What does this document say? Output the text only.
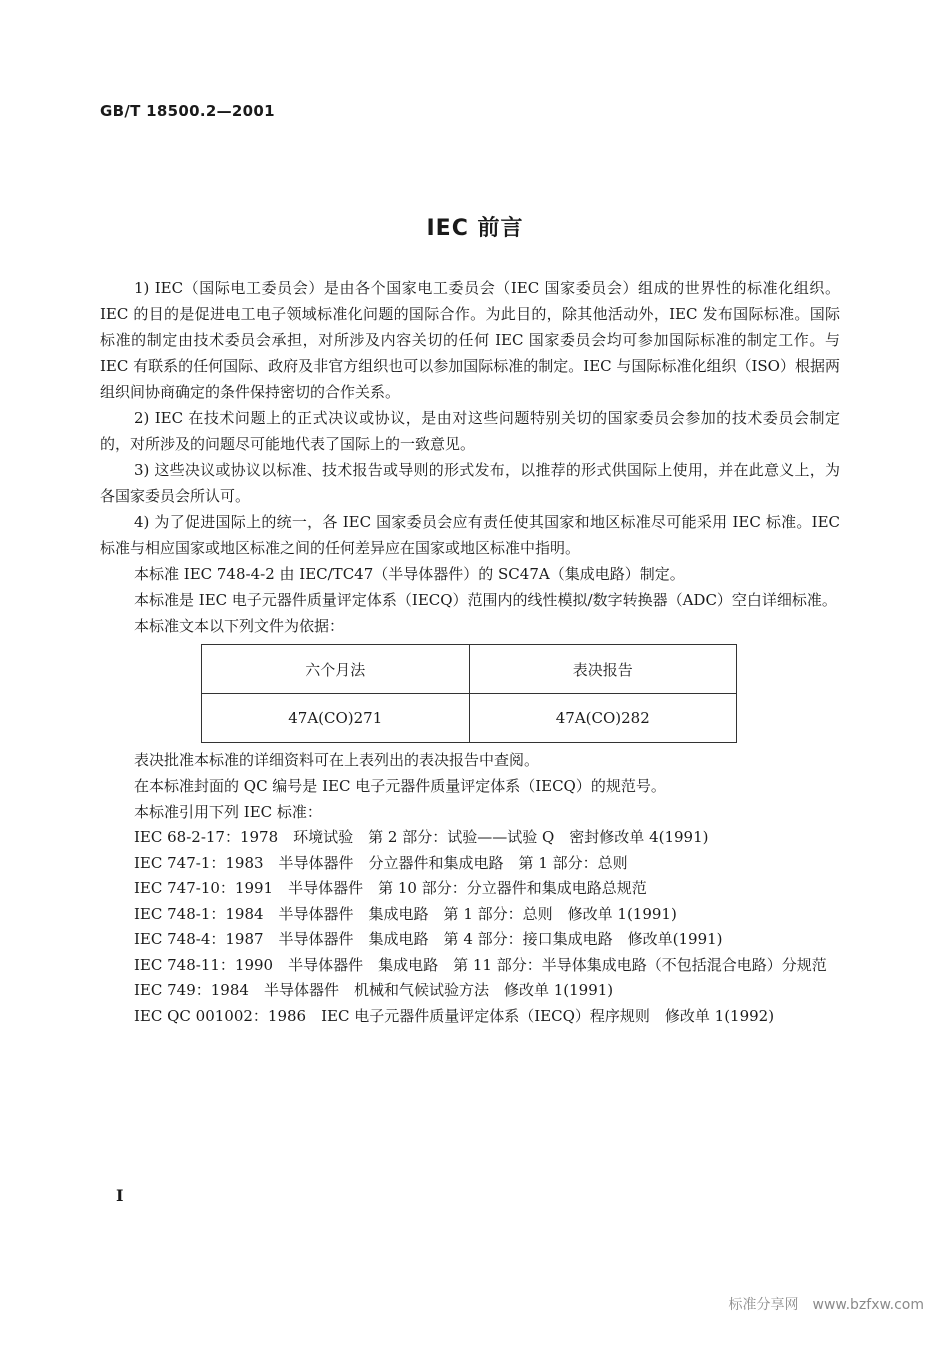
GB/T 18500.2—2001
IEC 前言

1) IEC（国际电工委员会）是由各个国家电工委员会（IEC 国家委员会）组成的世界性的标准化组织。IEC 的目的是促进电工电子领域标准化问题的国际合作。为此目的，除其他活动外，IEC 发布国际标准。国际标准的制定由技术委员会承担，对所涉及内容关切的任何 IEC 国家委员会均可参加国际标准的制定工作。与 IEC 有联系的任何国际、政府及非官方组织也可以参加国际标准的制定。IEC 与国际标准化组织（ISO）根据两组织间协商确定的条件保持密切的合作关系。

2) IEC 在技术问题上的正式决议或协议，是由对这些问题特别关切的国家委员会参加的技术委员会制定的，对所涉及的问题尽可能地代表了国际上的一致意见。

3) 这些决议或协议以标准、技术报告或导则的形式发布，以推荐的形式供国际上使用，并在此意义上，为各国家委员会所认可。

4) 为了促进国际上的统一，各 IEC 国家委员会应有责任使其国家和地区标准尽可能采用 IEC 标准。IEC 标准与相应国家或地区标准之间的任何差异应在国家或地区标准中指明。

本标准 IEC 748-4-2 由 IEC/TC47（半导体器件）的 SC47A（集成电路）制定。

本标准是 IEC 电子元器件质量评定体系（IECQ）范围内的线性模拟/数字转换器（ADC）空白详细标准。

本标准文本以下列文件为依据：

六个月法	表决报告
47A(CO)271	47A(CO)282

表决批准本标准的详细资料可在上表列出的表决报告中查阅。

在本标准封面的 QC 编号是 IEC 电子元器件质量评定体系（IECQ）的规范号。

本标准引用下列 IEC 标准：

IEC 68-2-17：1978　 环境试验　第 2 部分：试验——试验 Q　密封修改单 4(1991)
IEC 747-1：1983　 半导体器件　分立器件和集成电路　第 1 部分：总则
IEC 747-10：1991　 半导体器件　第 10 部分：分立器件和集成电路总规范
IEC 748-1：1984　 半导体器件　集成电路　第 1 部分：总则　修改单 1(1991)
IEC 748-4：1987　 半导体器件　集成电路　第 4 部分：接口集成电路　修改单(1991)
IEC 748-11：1990　 半导体器件　集成电路　第 11 部分：半导体集成电路（不包括混合电路）分规范
IEC 749：1984　 半导体器件　机械和气候试验方法　修改单 1(1991)
IEC QC 001002：1986　 IEC 电子元器件质量评定体系（IECQ）程序规则　修改单 1(1992)
I
标准分享网　www.bzfxw.com
